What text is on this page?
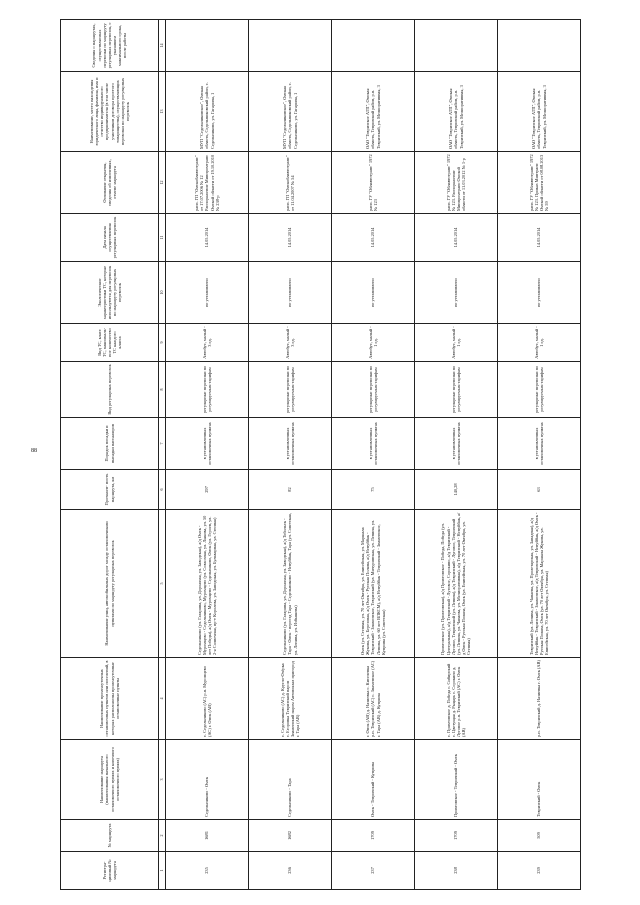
88
Регистра- ционный № маршрута	№ маршрута	Наименование маршрута (наименования начального остановочного пункта и конечного остановочного пункта)	Наименование промежуточных остановочных пунктов или поселений, в которых расположены промежуточные остановочные пункты	Наименование улиц, автомобильных дорог между остановочными пунктами по маршруту регулярных перевозок	Протяжен- ность маршрута, км	Порядок посадки и высадки пассажиров	Вид регулярных перевозок	Вид ТС, класс ТС, максималь- ное количество ТС каждого класса	Экологические характеристики ТС, которые используются для перевозок по маршруту регулярных перевозок	Дата начала осуществления регулярных перевозок	Основание открытия, сведения об изменениях, отмене маршрута	Наименование, место нахождения юридического лица, фамилия, имя и отчество индивидуального предпринимателя (в том числе участников договора простого товарищества), осуществляющих перевозки по маршруту регулярных перевозок	Сведения о маршрутах, осуществляемых перевозки по маршруту регулярных перевозок, с указанием максимального срока, после работы
1	2	3	4	5	6	7	8	9	10	11	12	13	14
235	1681	Седельниково - Омск	с. Седельниково (АС) р.п. Муромцево (АС) г. Омск (АВ)	Седельниково (ул. Гагарина, ул. Дорожная, ул. Заводская), а/д Омск - Муромцево - Седельниково, Муромцево (ул. Совхозная, ул. Лыкова, ул. 50 лет Победы), а/д Омск - Муромцево - Седельниково, Омск (ул. Героев, ул. 2-я Солнечная, пр-т Королева, ул. Заводская, ул. Бульварная, ул. Степная)	297	в установленных остановочных пунктах	регулярные перевозки по регулируемым тарифам	Автобус, малый - 3 ед.	не установлено	14.05.2014	расп. ГП "Омскоблавтотранс" от 17.07.2006 № 12 Распоряжение Минпромтранс Омской области от 19.10.2010 № 238-р	МУП "Седельниковское", Омская область, Седельниковский район, с. Седельниково, ул. Гагарина, 1	
236	1682	Седельниково - Тара	с. Седельниково (АС) д. Кругло-Озёрка с. Егоровка Тевризский паром Знаменский паром Автовокзал пригород г. Тара (АВ)	Седельниково (ул. Гагарина, ул. Дорожная, ул. Заводская), а/д Тобольск - Тара - Омск - переезд Тара - Седельниково - Ненуйбак, Тара (ул. Советская, ул. Ленина, ул. Избышева)	82	в установленных остановочных пунктах	регулярные перевозки по регулируемым тарифам	Автобус, малый - 3 ед.	не установлено	14.05.2014	расп. ГП "Омскоблавтотранс" от 11.04.2007 № 54	МУП "Седельниковское", Омская область, Седельниковский район, с. Седельниково, ул. Гагарина, 1	
237	1709	Омск - Тевризский - Куприна	г. Омск (АВ) д. Назиевка с. Киселевка р.п. Тевризский (АС) с. Знаменское (АС) г. Тара (АВ) д. Куприна	Омск (ул. Степная, ул. 70 лет Октября, ул. Енисейская, ул. Маршала Жукова, ул. Березовая, а/д Омск - Русская Поляна, а/д Ненуйбак - Тевризский - Знаменское, Тевризский (ул. Мичуринская, ул. Ленина, ул. Ленина, ул. 60 лет ВЛКСМ), а/д Ненуйбак - Тевризский - Знаменское, Куприна (ул. Советская)	75	в установленных остановочных пунктах	регулярные перевозки по регулируемым тарифам	Автобус, малый - 1 ед.	не установлено	14.05.2014	расп. ГУ "Облавтотранс" 1972 № 123	ОАО "Тевризское АТП", Омская область, Тевризский район, р.п. Тевризский, ул. Мелиоративная, 3	
238	1709	Прихтовское - Тевризский - Омск	с. Прихтовское д. Победа с. Сибирский с. Цветущая д. Рыцарь с. Сорокино д. Луговое р.п. Тевризский (АС) г. Омск (АВ)	Прихтовское (ул. Прихтовская), а/д Прихтовское - Победа, Победа (ул. Центральная), а/д Тевризский - Луговое, Сорокино, а/д Тевризский - Луговое, Тевризский (ул. Ленина), а/д Тевризский - Луговое, Тевризский (ул. Ленина, ул. Чапаева, ул. Мелиоративная), а/д Тевризский - Ненуйбак, а/д Омск - Русская Поляна, Омск (ул. Енисейская, ул. 70 лет Октября, ул. Степная)	140,28	в установленных остановочных пунктах	регулярные перевозки по регулируемым тарифам	Автобус, малый - 1 ед.	не установлено	14.05.2014	расп. ГУ "Облавтотранс" 1972 № 123. Распоряжение Минпромтранс Омской области от 11.03.2012 № 1-р	ОАО "Тевризское АТП", Омская область, Тевризский район, р.п. Тевризский, ул. Мелиоративная, 3	
239	509	Тевризский - Омск	р.п. Тевризский д. Назиевка г. Омск (АВ)	Тевризский (ул. Ленина, ул. Чапаева, ул. Пролетарская, ул. Западная), а/д Ненуйбак - Тевризский - Знаменское, а/д Тевризский - Ненуйбак, а/д Омск - Русская Поляна, Омск (ул. 70 лет Октября, ул. Маршала Жукова, ул. Енисейская, ул. 70 лет Октября, ул. Степная)	63	в установленных остановочных пунктах	регулярные перевозки по регулируемым тарифам	Автобус, малый - 1 ед.	не установлено	14.05.2014	расп. ГУ "Облавтотранс" 1972 № 123. Приказ Минтранс Омской области от 08.08.2013 № 59	ОАО "Тевризское АТП", Омская область, Тевризский район, р.п. Тевризский, ул. Мелиоративная, 3	
